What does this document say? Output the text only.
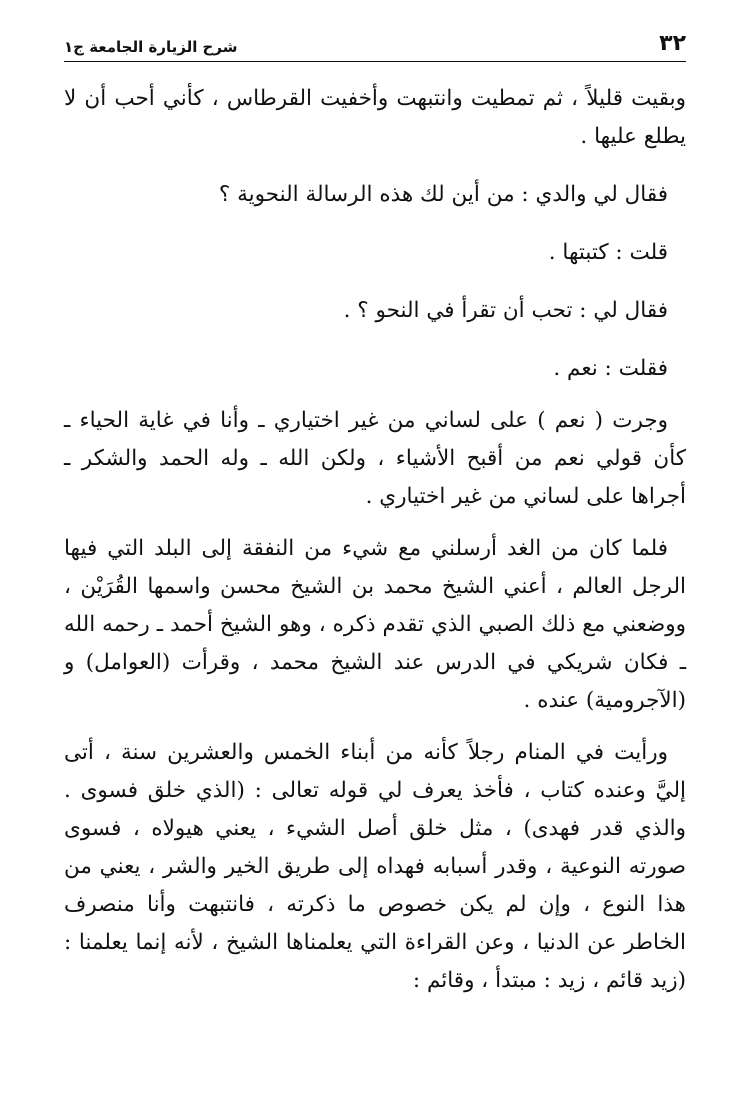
٣٢
شرح الزيارة الجامعة ج١

وبقيت قليلاً ، ثم تمطيت وانتبهت وأخفيت القرطاس ، كأني أحب أن لا يطلع عليها .

فقال لي والدي : من أين لك هذه الرسالة النحوية ؟

قلت : كتبتها .

فقال لي : تحب أن تقرأ في النحو ؟ .

فقلت : نعم .

وجرت ( نعم ) على لساني من غير اختياري ـ وأنا في غاية الحياء ـ كأن قولي نعم من أقبح الأشياء ، ولكن الله ـ وله الحمد والشكر ـ أجراها على لساني من غير اختياري .

فلما كان من الغد أرسلني مع شيء من النفقة إلى البلد التي فيها الرجل العالم ، أعني الشيخ محمد بن الشيخ محسن واسمها القُرَيْن ، ووضعني مع ذلك الصبي الذي تقدم ذكره ، وهو الشيخ أحمد ـ رحمه الله ـ فكان شريكي في الدرس عند الشيخ محمد ، وقرأت (العوامل) و (الآجرومية) عنده .

ورأيت في المنام رجلاً كأنه من أبناء الخمس والعشرين سنة ، أتى إليَّ وعنده كتاب ، فأخذ يعرف لي قوله تعالى : (الذي خلق فسوى . والذي قدر فهدى) ، مثل خلق أصل الشيء ، يعني هيولاه ، فسوى صورته النوعية ، وقدر أسبابه فهداه إلى طريق الخير والشر ، يعني من هذا النوع ، وإن لم يكن خصوص ما ذكرته ، فانتبهت وأنا منصرف الخاطر عن الدنيا ، وعن القراءة التي يعلمناها الشيخ ، لأنه إنما يعلمنا : (زيد قائم ، زيد : مبتدأ ، وقائم :
